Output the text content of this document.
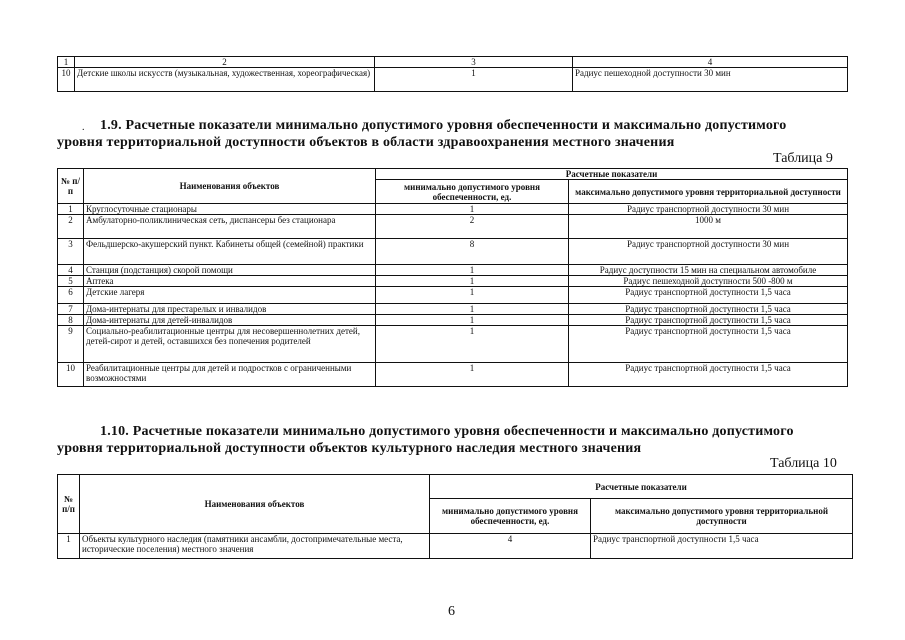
1	2	3	4
10	Детские школы искусств (музыкальная, художественная, хореографическая)	1	Радиус пешеходной доступности 30 мин
. 1.9. Расчетные показатели минимально допустимого уровня обеспеченности и максимально допустимого
уровня территориальной доступности объектов в области здравоохранения местного значения
Таблица 9
№ п/п	Наименования объектов	Расчетные показатели	
		минимально допустимого уровня обеспеченности, ед.	максимально допустимого уровня территориальной доступности
1	Круглосуточные стационары	1	Радиус транспортной доступности 30 мин
2	Амбулаторно-поликлиническая сеть, диспансеры без стационара	2	1000 м
3	Фельдшерско-акушерский пункт. Кабинеты общей (семейной) практики	8	Радиус транспортной доступности 30 мин
4	Станция (подстанция) скорой помощи	1	Радиус доступности 15 мин на специальном автомобиле
5	Аптека	1	Радиус пешеходной доступности 500 -800 м
6	Детские лагеря	1	Радиус транспортной доступности 1,5 часа
7	Дома-интернаты для престарелых и инвалидов	1	Радиус транспортной доступности 1,5 часа
8	Дома-интернаты для детей-инвалидов	1	Радиус транспортной доступности 1,5 часа
9	Социально-реабилитационные центры для несовершеннолетних детей, детей-сирот и детей, оставшихся без попечения родителей	1	Радиус транспортной доступности 1,5 часа
10	Реабилитационные центры для детей и подростков с ограниченными возможностями	1	Радиус транспортной доступности 1,5 часа
1.10. Расчетные показатели минимально допустимого уровня обеспеченности и максимально допустимого
уровня территориальной доступности объектов культурного наследия местного значения
Таблица 10
№ п/п	Наименования объектов	Расчетные показатели	
		минимально допустимого уровня обеспеченности, ед.	максимально допустимого уровня территориальной доступности
1	Объекты культурного наследия (памятники ансамбли, достопримечательные места, исторические поселения) местного значения	4	Радиус транспортной доступности 1,5 часа
6
